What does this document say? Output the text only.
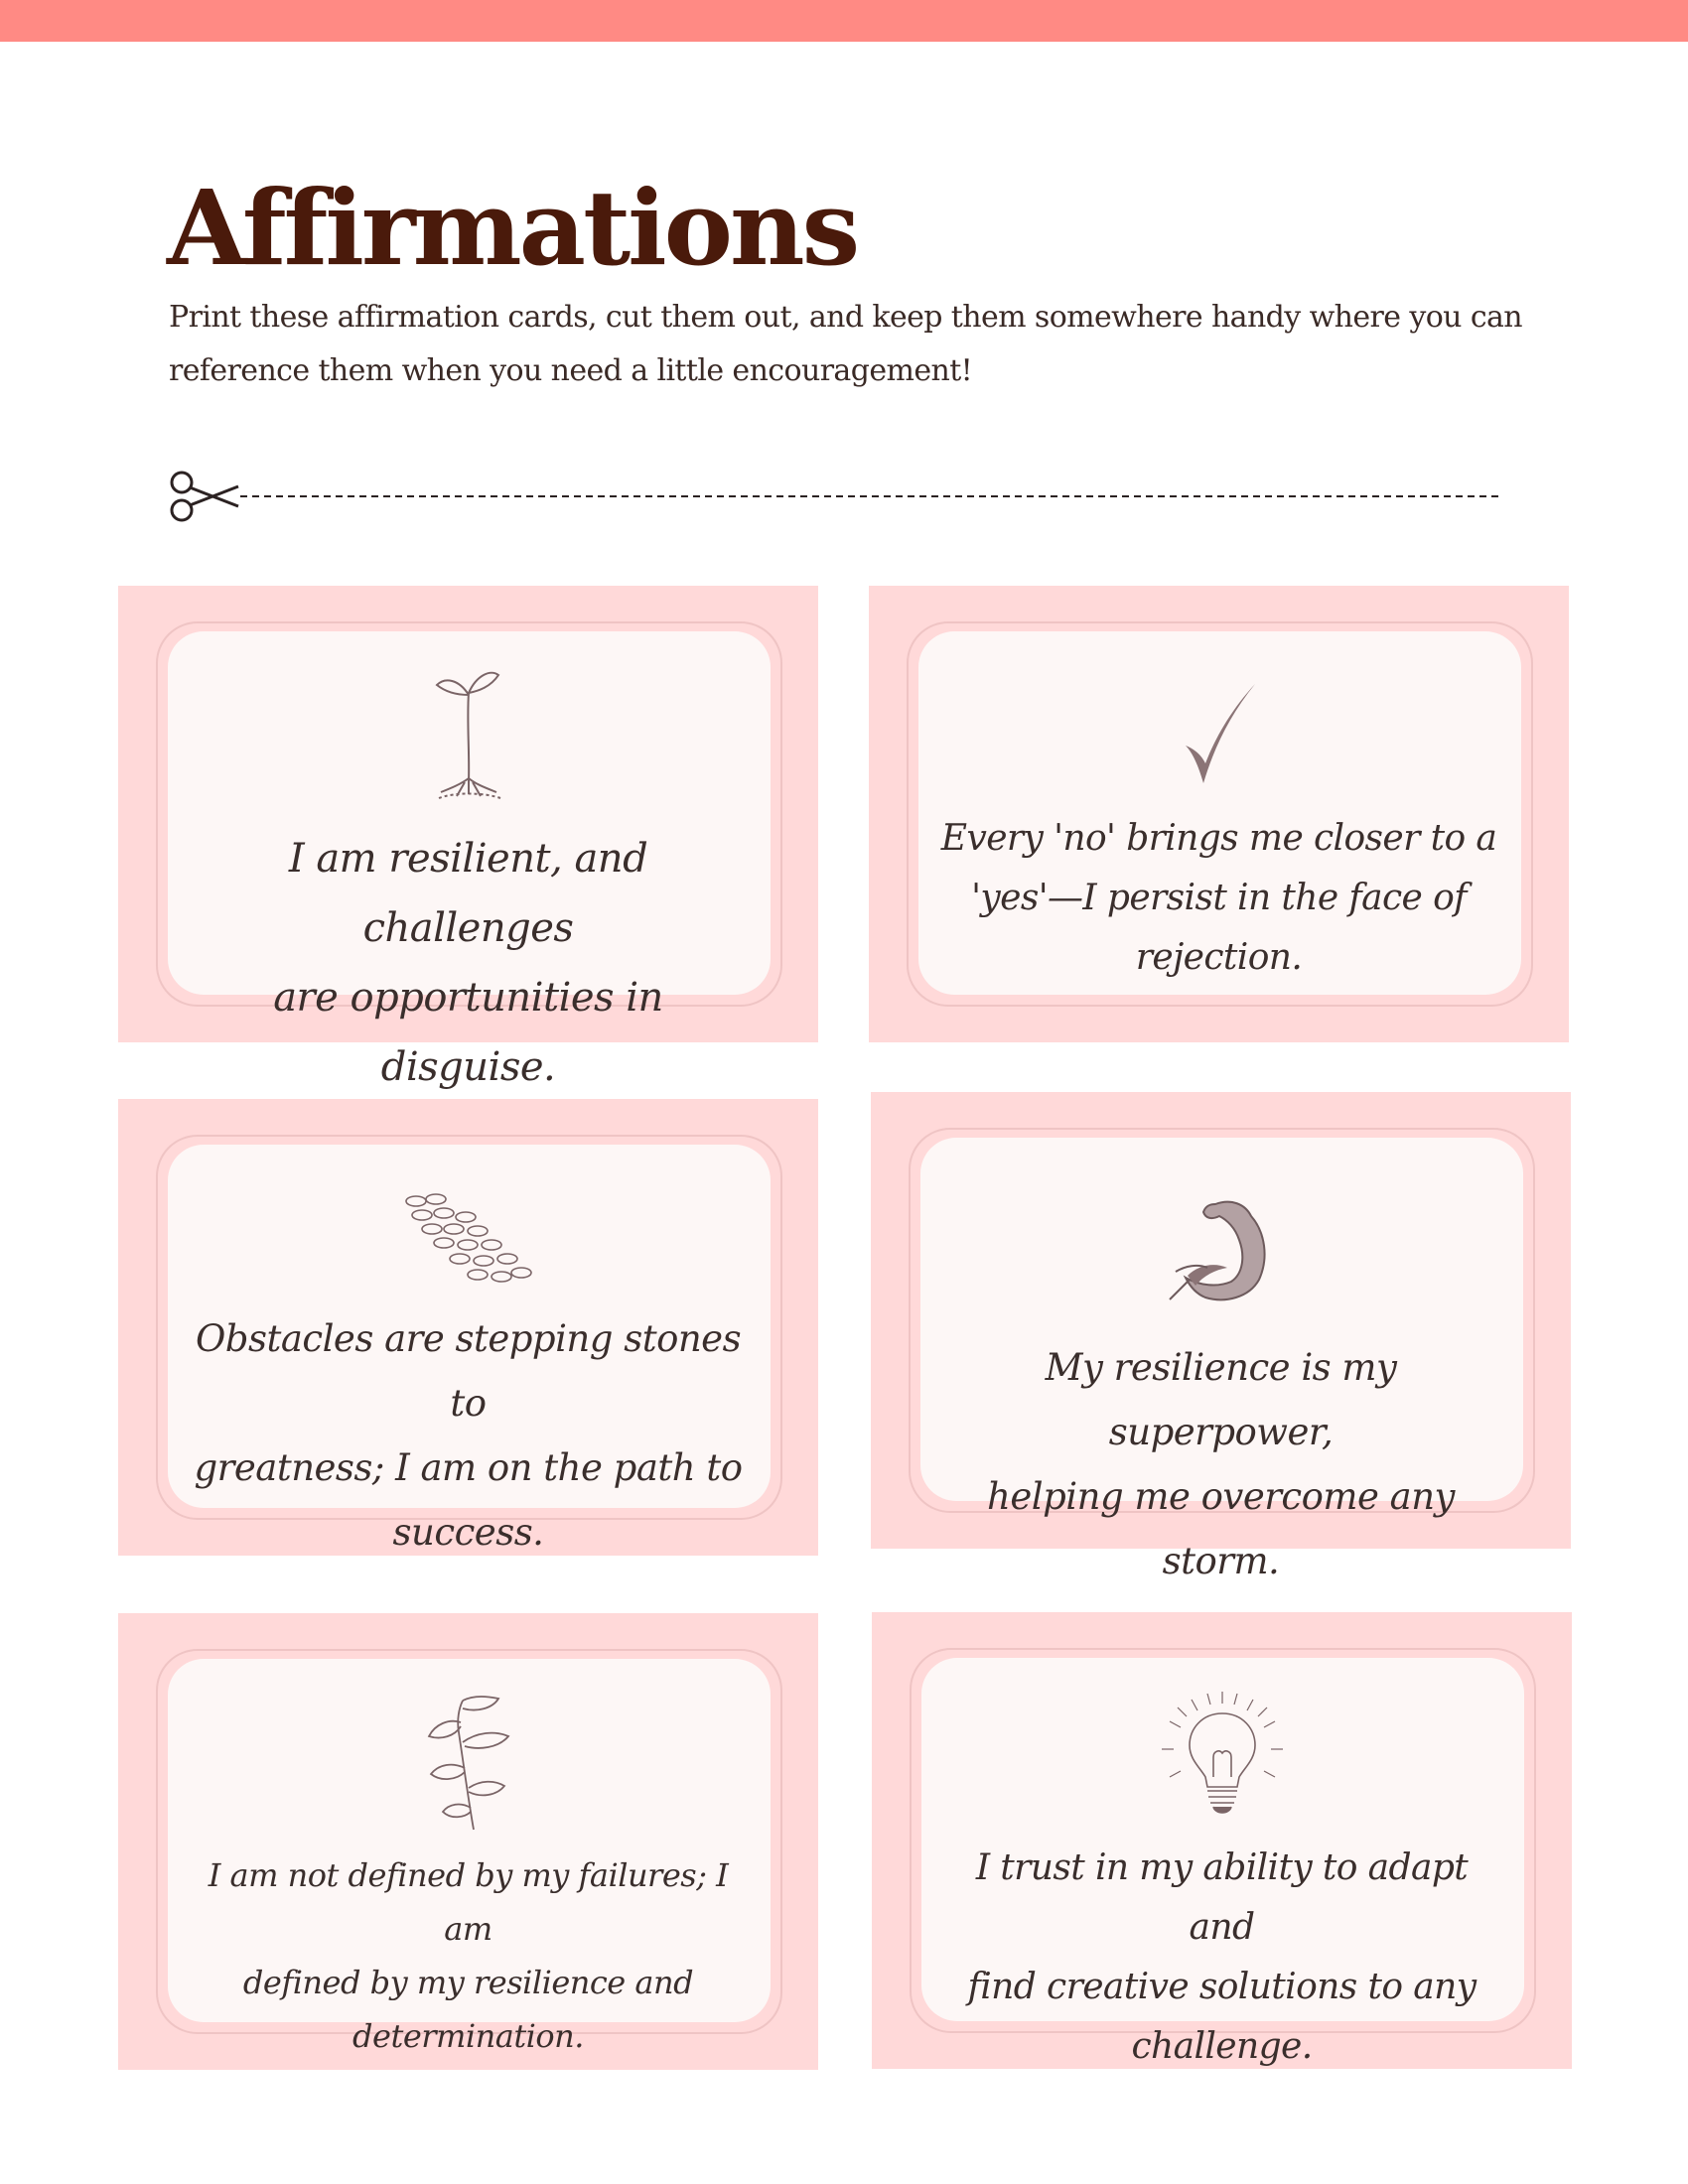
Affirmations

Print these affirmation cards, cut them out, and keep them somewhere handy where you can
reference them when you need a little encouragement!

I am resilient, and challenges
are opportunities in disguise.
Every 'no' brings me closer to a
'yes'—I persist in the face of
rejection.
Obstacles are stepping stones to
greatness; I am on the path to
success.
My resilience is my superpower,
helping me overcome any storm.
I am not defined by my failures; I am
defined by my resilience and
determination.
I trust in my ability to adapt and
find creative solutions to any
challenge.
